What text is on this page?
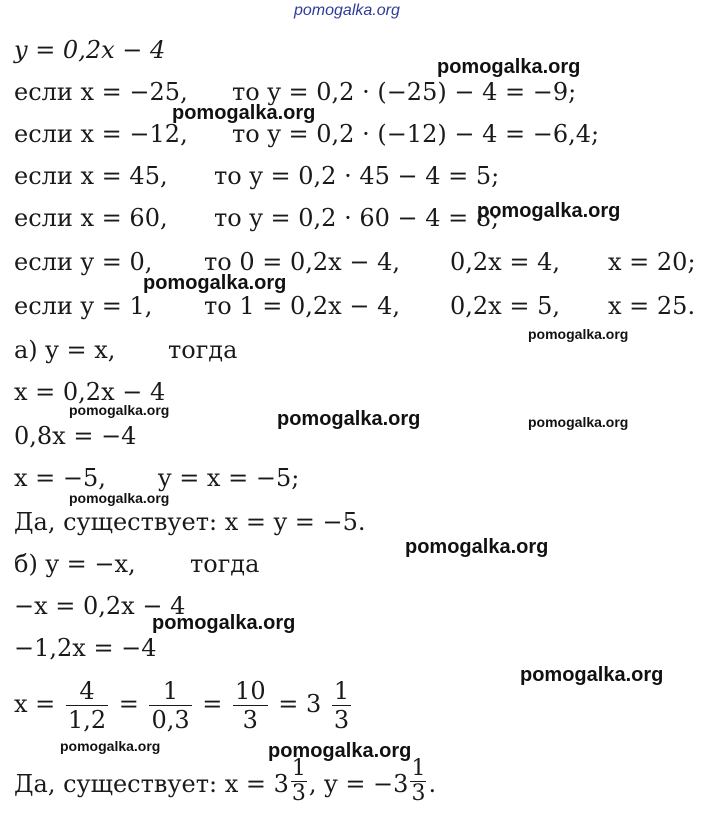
pomogalka.org
pomogalka.org
pomogalka.org
pomogalka.org
pomogalka.org
pomogalka.org
pomogalka.org	pomogalka.org	pomogalka.org
pomogalka.org
pomogalka.org
pomogalka.org
pomogalka.org
pomogalka.org	pomogalka.org
y = 0,2x − 4
если x = −25, то y = 0,2 · (−25) − 4 = −9;
если x = −12, то y = 0,2 · (−12) − 4 = −6,4;
если x = 45, то y = 0,2 · 45 − 4 = 5;
если x = 60, то y = 0,2 · 60 − 4 = 8;
если y = 0, то 0 = 0,2x − 4, 0,2x = 4, x = 20;
если y = 1, то 1 = 0,2x − 4, 0,2x = 5, x = 25.
а) y = x, тогда
x = 0,2x − 4
0,8x = −4
x = −5, y = x = −5;
Да, существует: x = y = −5.
б) y = −x, тогда
−x = 0,2x − 4
−1,2x = −4
$x = \frac{4}{1,2} = \frac{1}{0,3} = \frac{10}{3} = 3 \frac{1}{3}$
Да, существует: $x = 3 \frac{1}{3}$ , $y = -3 \frac{1}{3}$ .
